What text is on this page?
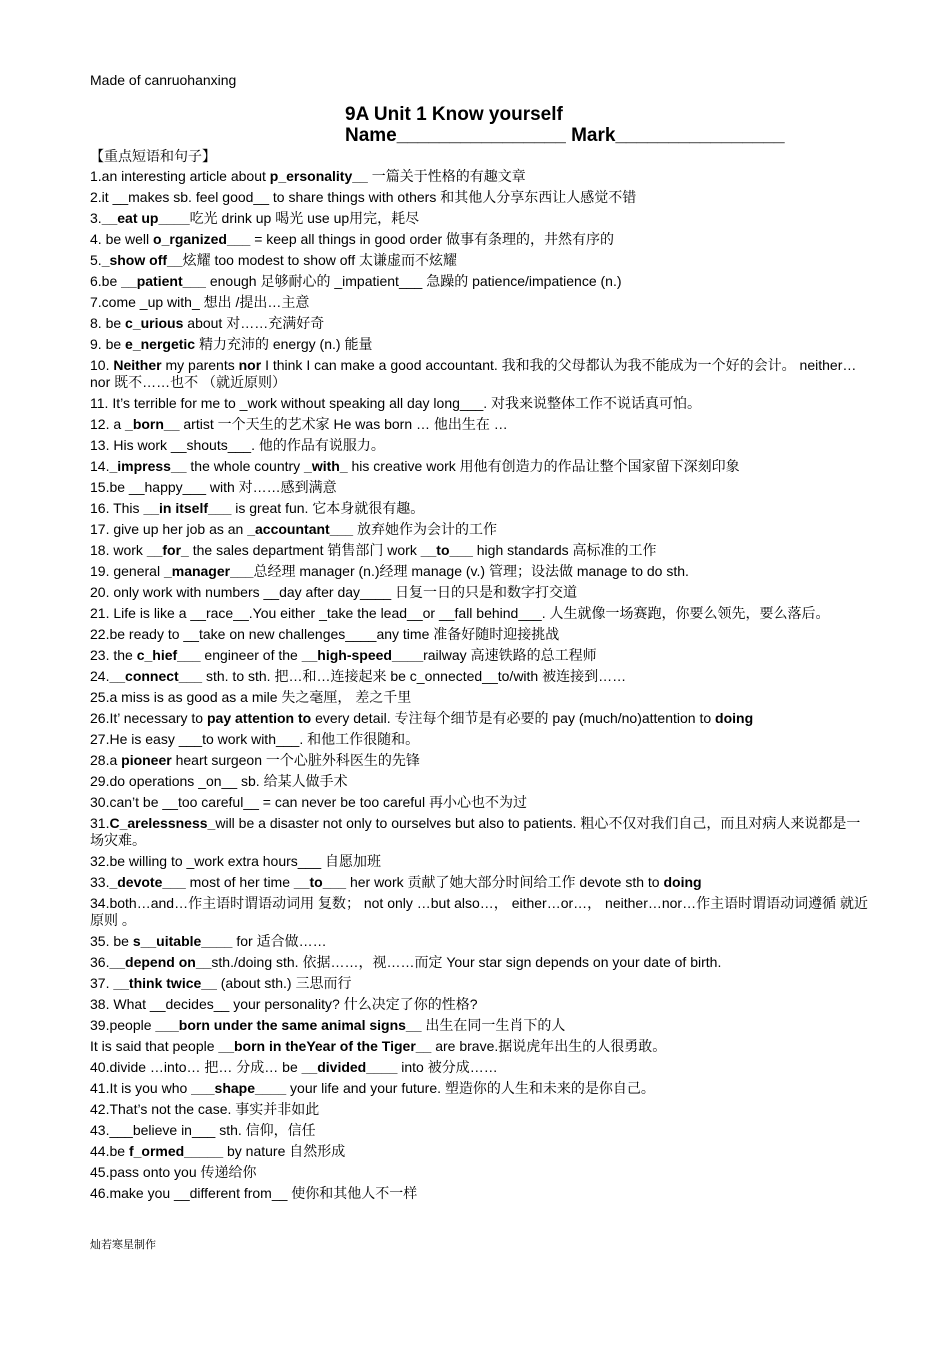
Made of canruohanxing
9A Unit 1 Know yourself
Name________________ Mark________________
【重点短语和句子】
1.an interesting article about p_ersonality__ 一篇关于性格的有趣文章
2.it __makes sb. feel good__ to share things with others 和其他人分享东西让人感觉不错
3.__eat up____吃光 drink up 喝光 use up用完，耗尽
4. be well o_rganized___ = keep all things in good order 做事有条理的，井然有序的
5._show off__炫耀 too modest to show off 太谦虚而不炫耀
6.be __patient___ enough 足够耐心的 _impatient___ 急躁的 patience/impatience (n.)
7.come _up with_ 想出 /提出…主意
8. be c_urious about 对……充满好奇
9. be e_nergetic 精力充沛的 energy (n.) 能量
10. Neither my parents nor I think I can make a good accountant. 我和我的父母都认为我不能成为一个好的会计。 neither… nor 既不……也不 （就近原则）
11. It’s terrible for me to _work without speaking all day long___. 对我来说整体工作不说话真可怕。
12. a _born__ artist 一个天生的艺术家 He was born … 他出生在 …
13. His work __shouts___. 他的作品有说服力。
14._impress__ the whole country _with_ his creative work 用他有创造力的作品让整个国家留下深刻印象
15.be __happy___ with 对……感到满意
16. This __in itself___ is great fun. 它本身就很有趣。
17. give up her job as an _accountant___ 放弃她作为会计的工作
18. work __for_ the sales department 销售部门 work __to___ high standards 高标准的工作
19. general _manager___总经理 manager (n.)经理 manage (v.) 管理；设法做 manage to do sth.
20. only work with numbers __day after day____ 日复一日的只是和数字打交道
21. Life is like a __race__.You either _take the lead__or __fall behind___. 人生就像一场赛跑，你要么领先，要么落后。
22.be ready to __take on new challenges____any time 准备好随时迎接挑战
23. the c_hief___ engineer of the __high-speed____railway 高速铁路的总工程师
24.__connect___ sth. to sth. 把…和…连接起来 be c_onnected__to/with 被连接到……
25.a miss is as good as a mile 失之毫厘， 差之千里
26.It’ necessary to pay attention to every detail. 专注每个细节是有必要的 pay (much/no)attention to doing
27.He is easy ___to work with___. 和他工作很随和。
28.a pioneer heart surgeon 一个心脏外科医生的先锋
29.do operations _on__ sb. 给某人做手术
30.can’t be __too careful__ = can never be too careful 再小心也不为过
31.C_arelessness_will be a disaster not only to ourselves but also to patients. 粗心不仅对我们自己，而且对病人来说都是一场灾难。
32.be willing to _work extra hours___ 自愿加班
33._devote___ most of her time __to___ her work 贡献了她大部分时间给工作 devote sth to doing
34.both…and…作主语时谓语动词用 复数； not only …but also…， either…or…， neither…nor…作主语时谓语动词遵循 就近原则 。
35. be s__uitable____ for 适合做……
36.__depend on__sth./doing sth. 依据……，视……而定 Your star sign depends on your date of birth.
37. __think twice__ (about sth.) 三思而行
38. What __decides__ your personality? 什么决定了你的性格?
39.people ___born under the same animal signs__ 出生在同一生肖下的人
It is said that people __born in theYear of the Tiger__ are brave.据说虎年出生的人很勇敢。
40.divide …into… 把… 分成… be __divided____ into 被分成……
41.It is you who ___shape____ your life and your future. 塑造你的人生和未来的是你自己。
42.That’s not the case. 事实并非如此
43.___believe in___ sth. 信仰，信任
44.be f_ormed_____ by nature 自然形成
45.pass onto you 传递给你
46.make you __different from__ 使你和其他人不一样
灿若寒星制作
